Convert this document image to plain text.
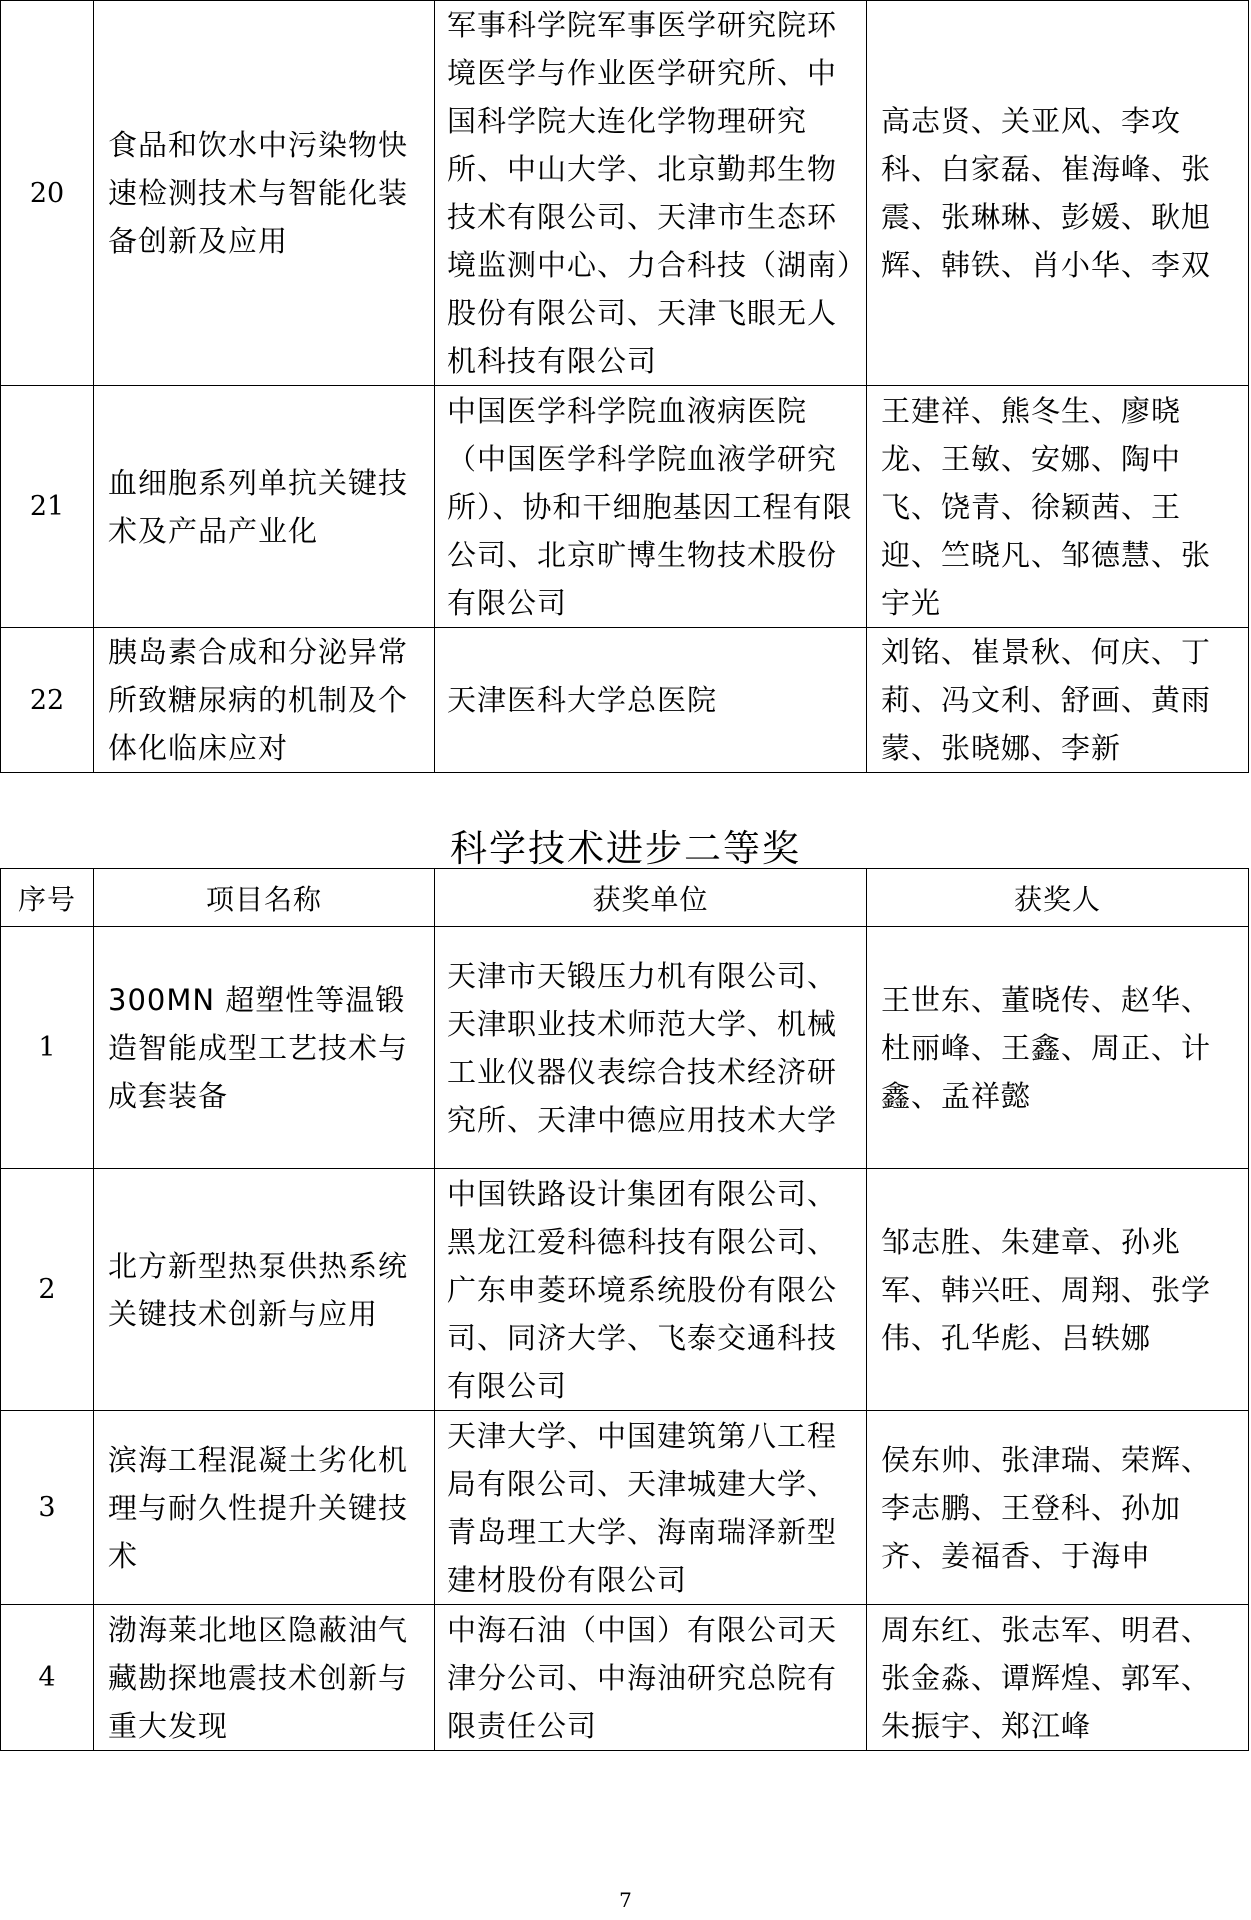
20	食品和饮水中污染物快速检测技术与智能化装备创新及应用	军事科学院军事医学研究院环境医学与作业医学研究所、中国科学院大连化学物理研究所、中山大学、北京勤邦生物技术有限公司、天津市生态环境监测中心、力合科技（湖南）股份有限公司、天津飞眼无人机科技有限公司	高志贤、关亚风、李攻科、白家磊、崔海峰、张震、张琳琳、彭媛、耿旭辉、韩铁、肖小华、李双

21	血细胞系列单抗关键技术及产品产业化	中国医学科学院血液病医院（中国医学科学院血液学研究所）、协和干细胞基因工程有限公司、北京旷博生物技术股份有限公司	王建祥、熊冬生、廖晓龙、王敏、安娜、陶中飞、饶青、徐颖茜、王迎、竺晓凡、邹德慧、张宇光

22	胰岛素合成和分泌异常所致糖尿病的机制及个体化临床应对	天津医科大学总医院	刘铭、崔景秋、何庆、丁莉、冯文利、舒画、黄雨蒙、张晓娜、李新
科学技术进步二等奖
序号	项目名称	获奖单位	获奖人
1	300MN 超塑性等温锻造智能成型工艺技术与成套装备	天津市天锻压力机有限公司、天津职业技术师范大学、机械工业仪器仪表综合技术经济研究所、天津中德应用技术大学	王世东、董晓传、赵华、杜丽峰、王鑫、周正、计鑫、孟祥懿

2	北方新型热泵供热系统关键技术创新与应用	中国铁路设计集团有限公司、黑龙江爱科德科技有限公司、广东申菱环境系统股份有限公司、同济大学、飞泰交通科技有限公司	邹志胜、朱建章、孙兆军、韩兴旺、周翔、张学伟、孔华彪、吕轶娜

3	滨海工程混凝土劣化机理与耐久性提升关键技术	天津大学、中国建筑第八工程局有限公司、天津城建大学、青岛理工大学、海南瑞泽新型建材股份有限公司	侯东帅、张津瑞、荣辉、李志鹏、王登科、孙加齐、姜福香、于海申

4	渤海莱北地区隐蔽油气藏勘探地震技术创新与重大发现	中海石油（中国）有限公司天津分公司、中海油研究总院有限责任公司	周东红、张志军、明君、张金淼、谭辉煌、郭军、朱振宇、郑江峰
7
